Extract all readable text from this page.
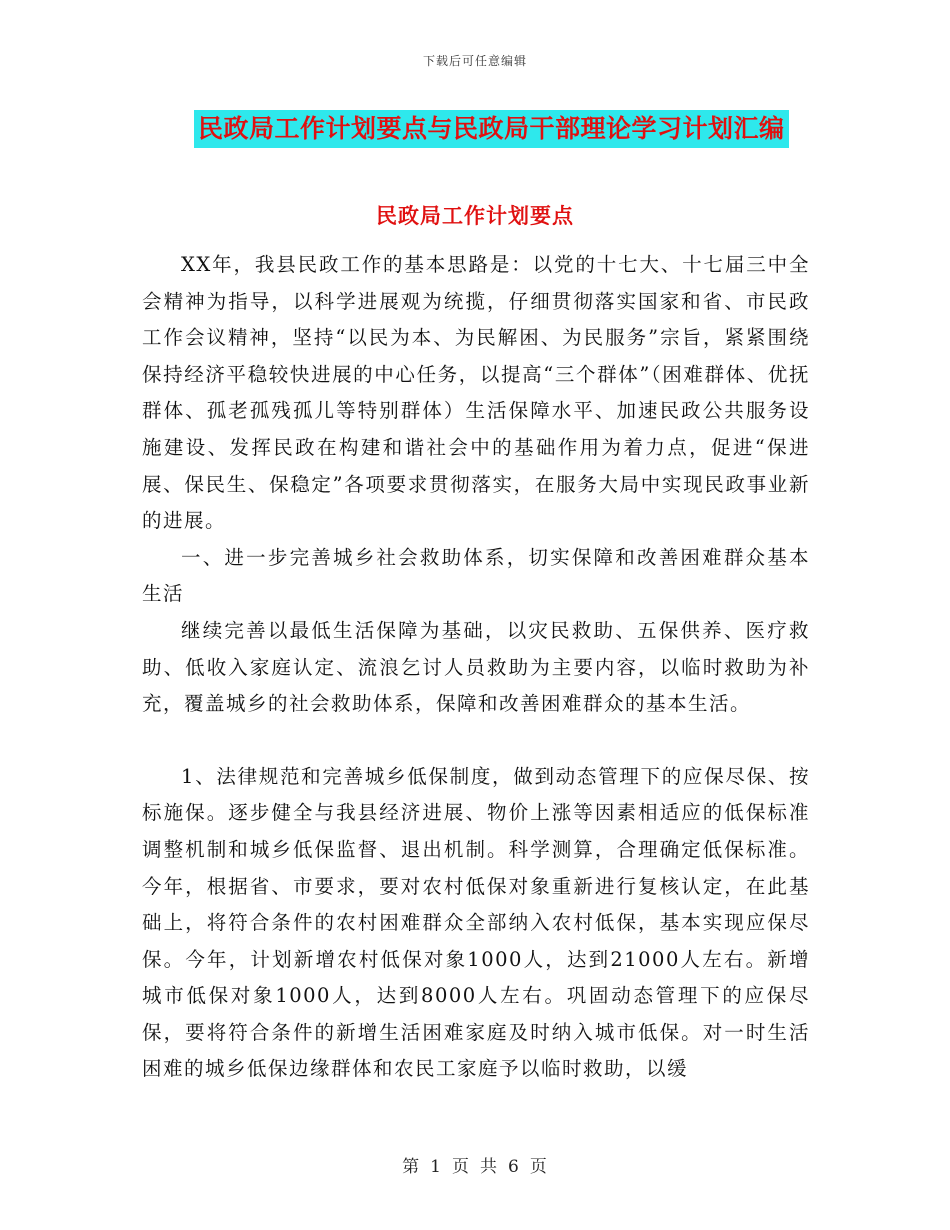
下载后可任意编辑
民政局工作计划要点与民政局干部理论学习计划汇编
民政局工作计划要点

XX年，我县民政工作的基本思路是：以党的十七大、十七届三中全会精神为指导，以科学进展观为统揽，仔细贯彻落实国家和省、市民政工作会议精神，坚持“以民为本、为民解困、为民服务”宗旨，紧紧围绕保持经济平稳较快进展的中心任务，以提高“三个群体”（困难群体、优抚群体、孤老孤残孤儿等特别群体）生活保障水平、加速民政公共服务设施建设、发挥民政在构建和谐社会中的基础作用为着力点，促进“保进展、保民生、保稳定”各项要求贯彻落实，在服务大局中实现民政事业新的进展。

一、进一步完善城乡社会救助体系，切实保障和改善困难群众基本生活

继续完善以最低生活保障为基础，以灾民救助、五保供养、医疗救助、低收入家庭认定、流浪乞讨人员救助为主要内容，以临时救助为补充，覆盖城乡的社会救助体系，保障和改善困难群众的基本生活。

1、法律规范和完善城乡低保制度，做到动态管理下的应保尽保、按标施保。逐步健全与我县经济进展、物价上涨等因素相适应的低保标准调整机制和城乡低保监督、退出机制。科学测算，合理确定低保标准。今年，根据省、市要求，要对农村低保对象重新进行复核认定，在此基础上，将符合条件的农村困难群众全部纳入农村低保，基本实现应保尽保。今年，计划新增农村低保对象1000人，达到21000人左右。新增城市低保对象1000人，达到8000人左右。巩固动态管理下的应保尽保，要将符合条件的新增生活困难家庭及时纳入城市低保。对一时生活困难的城乡低保边缘群体和农民工家庭予以临时救助，以缓

第 1 页 共 6 页
